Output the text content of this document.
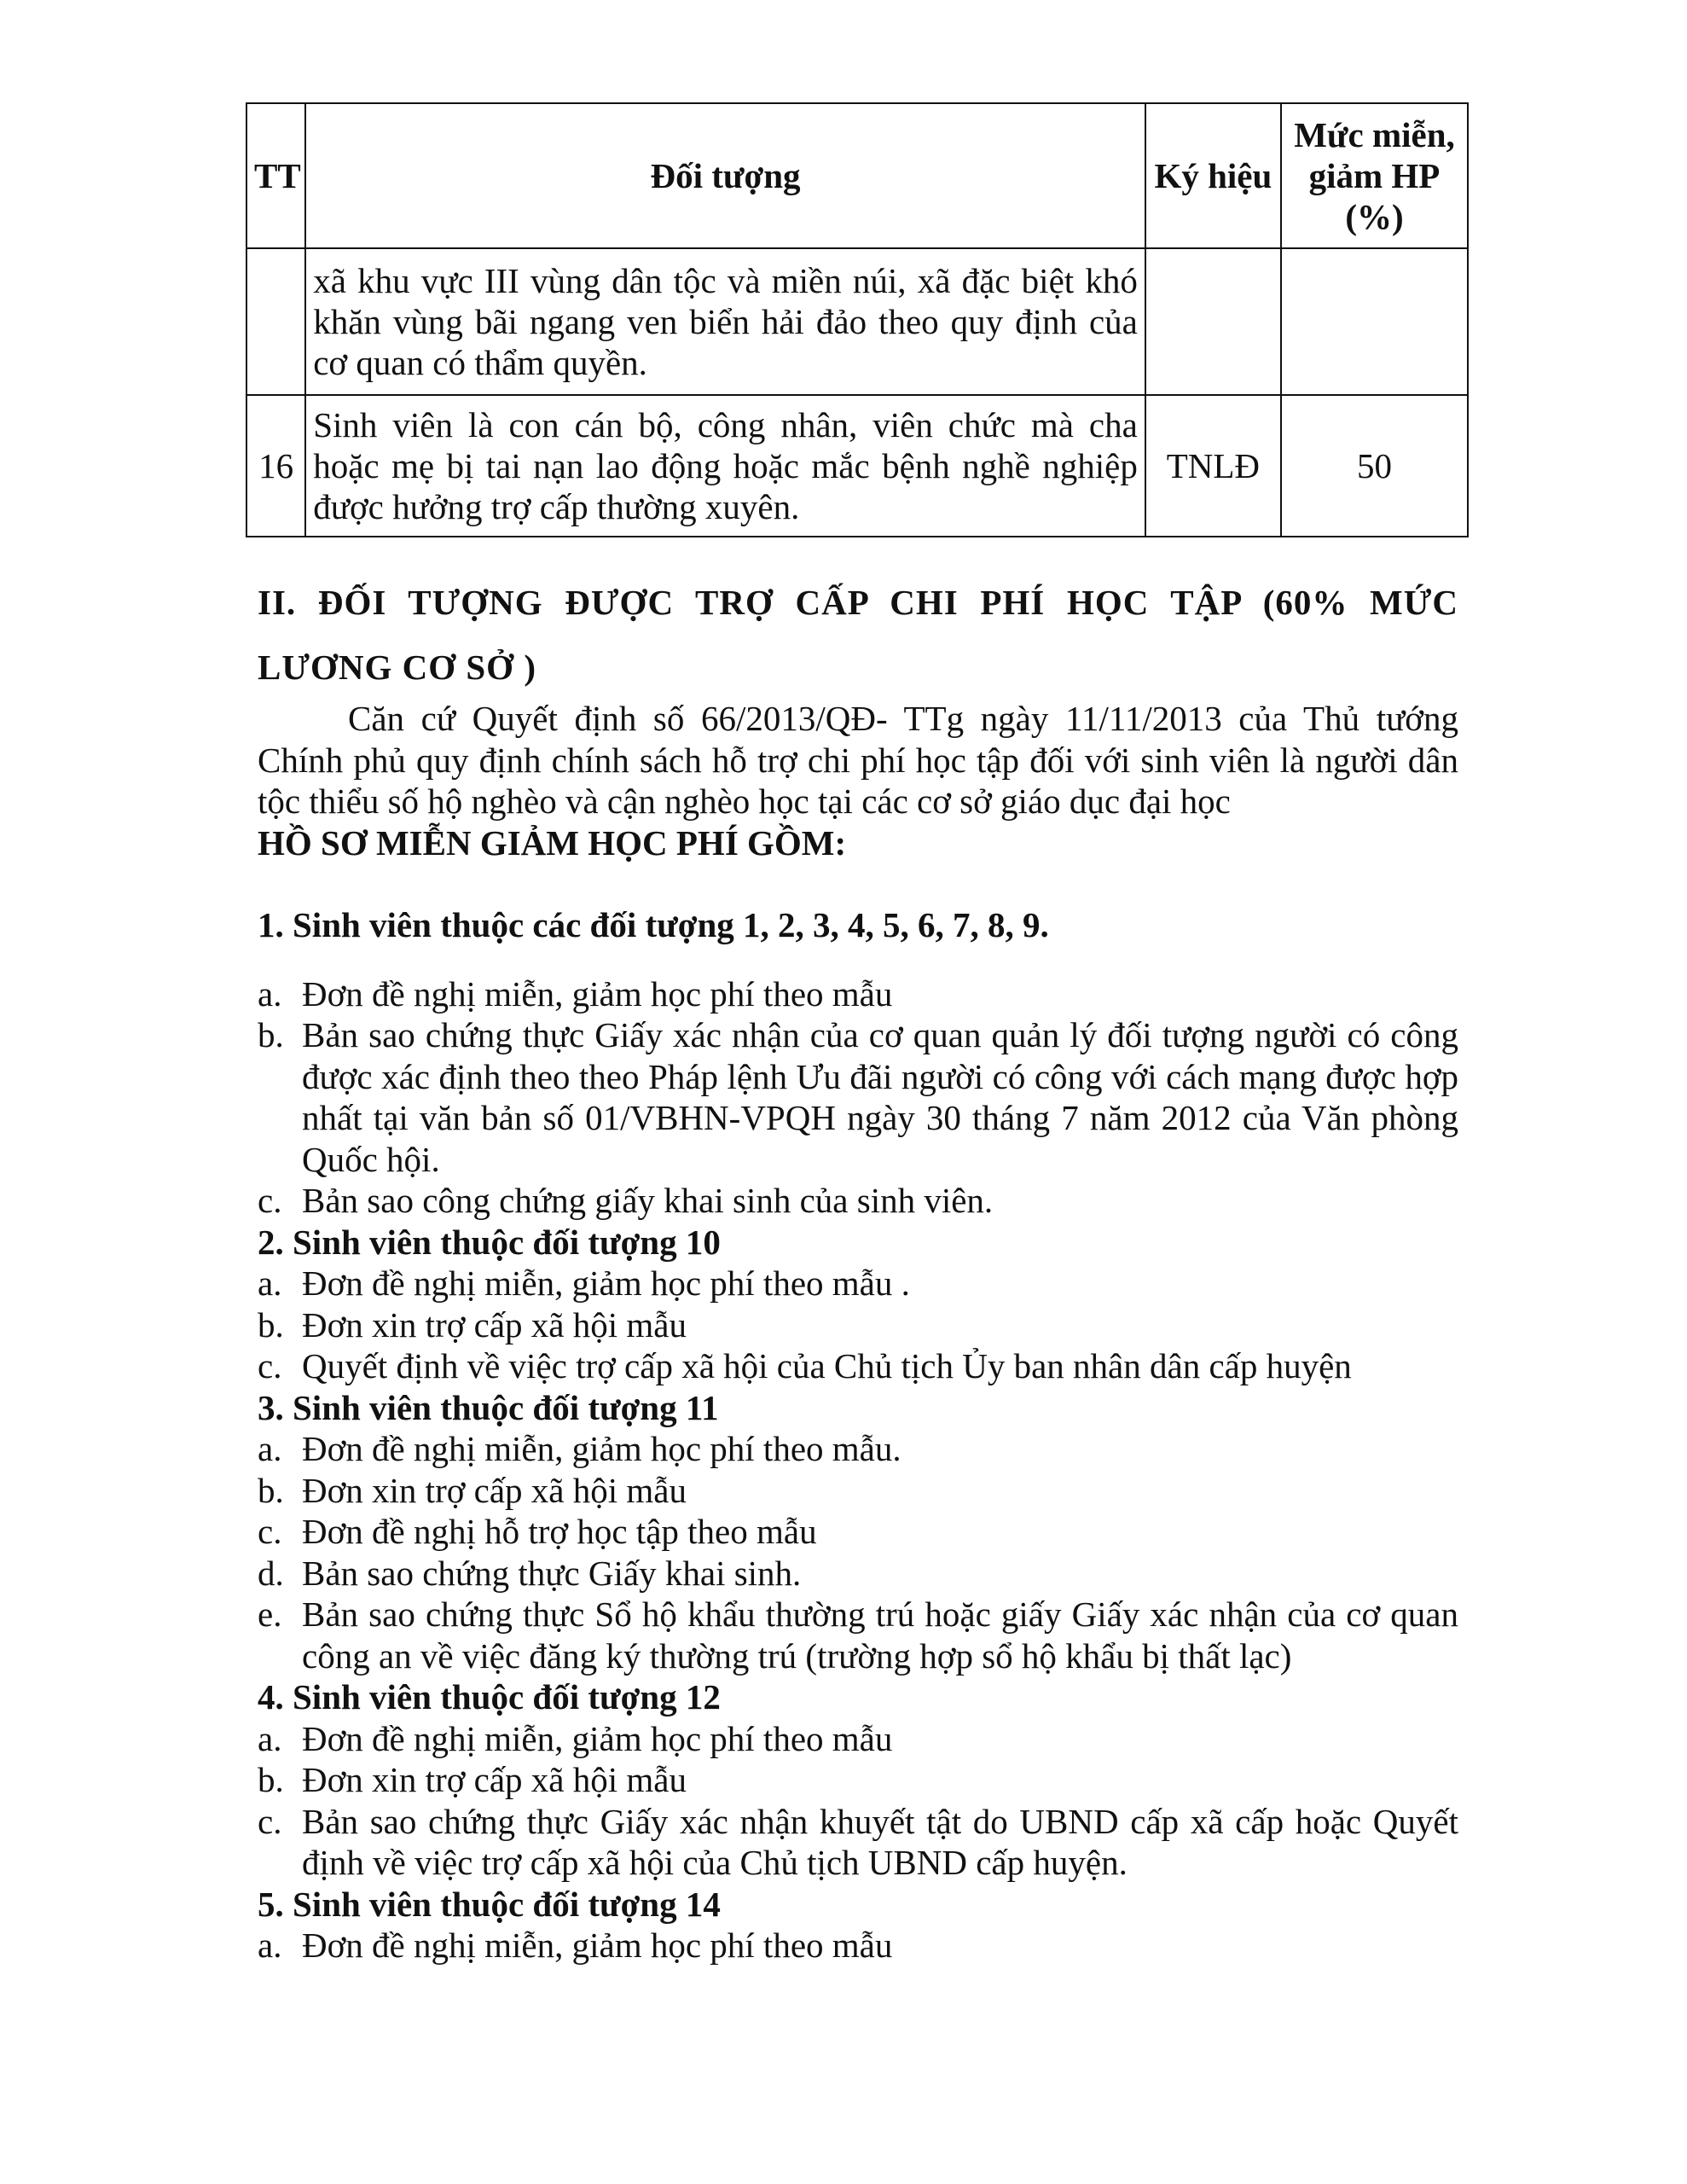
TT	Đối tượng	Ký hiệu	Mức miễn, giảm HP (%)
	xã khu vực III vùng dân tộc và miền núi, xã đặc biệt khó khăn vùng bãi ngang ven biển hải đảo theo quy định của cơ quan có thẩm quyền.		
16	Sinh viên là con cán bộ, công nhân, viên chức mà cha hoặc mẹ bị tai nạn lao động hoặc mắc bệnh nghề nghiệp được hưởng trợ cấp thường xuyên.	TNLĐ	50
II. ĐỐI TƯỢNG ĐƯỢC TRỢ CẤP CHI PHÍ HỌC TẬP (60% MỨC LƯƠNG CƠ SỞ )

Căn cứ Quyết định số 66/2013/QĐ- TTg ngày 11/11/2013 của Thủ tướng Chính phủ quy định chính sách hỗ trợ chi phí học tập đối với sinh viên là người dân tộc thiểu số hộ nghèo và cận nghèo học tại các cơ sở giáo dục đại học

HỒ SƠ MIỄN GIẢM HỌC PHÍ GỒM:

1. Sinh viên thuộc các đối tượng 1, 2, 3, 4, 5, 6, 7, 8, 9.

a. Đơn đề nghị miễn, giảm học phí theo mẫu
b. Bản sao chứng thực Giấy xác nhận của cơ quan quản lý đối tượng người có công được xác định theo theo Pháp lệnh Ưu đãi người có công với cách mạng được hợp nhất tại văn bản số 01/VBHN-VPQH ngày 30 tháng 7 năm 2012 của Văn phòng Quốc hội.
c. Bản sao công chứng giấy khai sinh của sinh viên.

2. Sinh viên thuộc đối tượng 10

a. Đơn đề nghị miễn, giảm học phí theo mẫu .
b. Đơn xin trợ cấp xã hội mẫu
c. Quyết định về việc trợ cấp xã hội của Chủ tịch Ủy ban nhân dân cấp huyện

3. Sinh viên thuộc đối tượng 11

a. Đơn đề nghị miễn, giảm học phí theo mẫu.
b. Đơn xin trợ cấp xã hội mẫu
c. Đơn đề nghị hỗ trợ học tập theo mẫu
d. Bản sao chứng thực Giấy khai sinh.
e. Bản sao chứng thực Sổ hộ khẩu thường trú hoặc giấy Giấy xác nhận của cơ quan công an về việc đăng ký thường trú (trường hợp sổ hộ khẩu bị thất lạc)

4. Sinh viên thuộc đối tượng 12

a. Đơn đề nghị miễn, giảm học phí theo mẫu
b. Đơn xin trợ cấp xã hội mẫu
c. Bản sao chứng thực Giấy xác nhận khuyết tật do UBND cấp xã cấp hoặc Quyết định về việc trợ cấp xã hội của Chủ tịch UBND cấp huyện.

5. Sinh viên thuộc đối tượng 14

a. Đơn đề nghị miễn, giảm học phí theo mẫu
